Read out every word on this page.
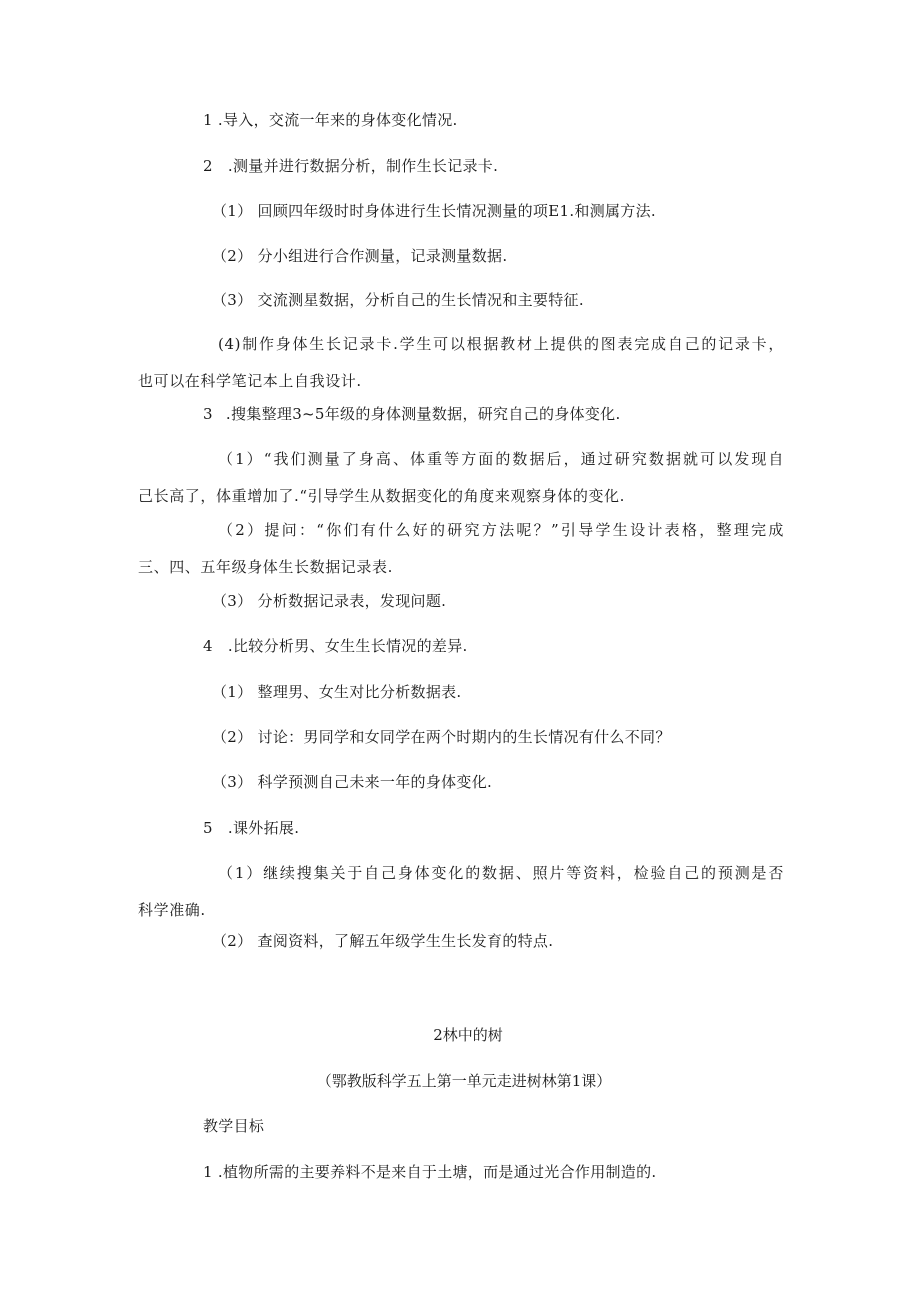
1 .导入，交流一年来的身体变化情况.
2 .测量并进行数据分析，制作生长记录卡.
（1） 回顾四年级时时身体进行生长情况测量的项E1.和测属方法.
（2） 分小组进行合作测量，记录测量数据.
（3） 交流测星数据，分析自己的生长情况和主要特征.
(4)制作身体生长记录卡.学生可以根据教材上提供的图表完成自己的记录卡，
也可以在科学笔记本上自我设计.
3 .搜集整理3~5年级的身体测量数据，研究自己的身体变化.
（1）“我们测量了身高、体重等方面的数据后，通过研究数据就可以发现自
己长高了，体重增加了.“引导学生从数据变化的角度来观察身体的变化.
（2）提问：“你们有什么好的研究方法呢？”引导学生设计表格，整理完成
三、四、五年级身体生长数据记录表.
（3） 分析数据记录表，发现问题.
4 .比较分析男、女生生长情况的差异.
（1） 整理男、女生对比分析数据表.
（2） 讨论：男同学和女同学在两个时期内的生长情况有什么不同？
（3） 科学预测自己未来一年的身体变化.
5 .课外拓展.
（1）继续搜集关于自己身体变化的数据、照片等资料，检验自己的预测是否
科学准确.
（2） 查阅资料，了解五年级学生生长发育的特点.
2林中的树
（鄂教版科学五上第一单元走进树林第1课）
教学目标
1 .植物所需的主要养料不是来自于土塘，而是通过光合作用制造的.
